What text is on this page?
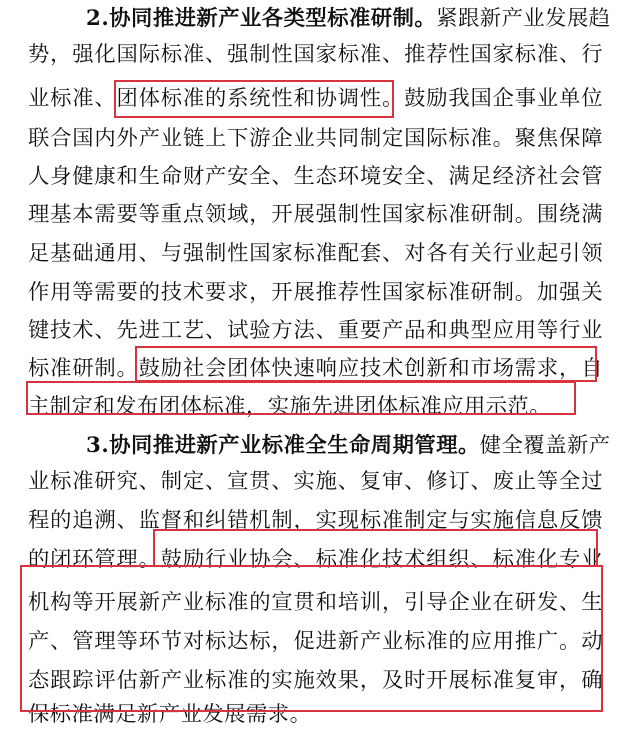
2.协同推进新产业各类型标准研制。紧跟新产业发展趋
势，强化国际标准、强制性国家标准、推荐性国家标准、行
业标准、团体标准的系统性和协调性。鼓励我国企事业单位
联合国内外产业链上下游企业共同制定国际标准。聚焦保障
人身健康和生命财产安全、生态环境安全、满足经济社会管
理基本需要等重点领域，开展强制性国家标准研制。围绕满
足基础通用、与强制性国家标准配套、对各有关行业起引领
作用等需要的技术要求，开展推荐性国家标准研制。加强关
键技术、先进工艺、试验方法、重要产品和典型应用等行业
标准研制。鼓励社会团体快速响应技术创新和市场需求，自
主制定和发布团体标准，实施先进团体标准应用示范。
3.协同推进新产业标准全生命周期管理。健全覆盖新产
业标准研究、制定、宣贯、实施、复审、修订、废止等全过
程的追溯、监督和纠错机制，实现标准制定与实施信息反馈
的闭环管理。鼓励行业协会、标准化技术组织、标准化专业
机构等开展新产业标准的宣贯和培训，引导企业在研发、生
产、管理等环节对标达标，促进新产业标准的应用推广。动
态跟踪评估新产业标准的实施效果，及时开展标准复审，确
保标准满足新产业发展需求。
